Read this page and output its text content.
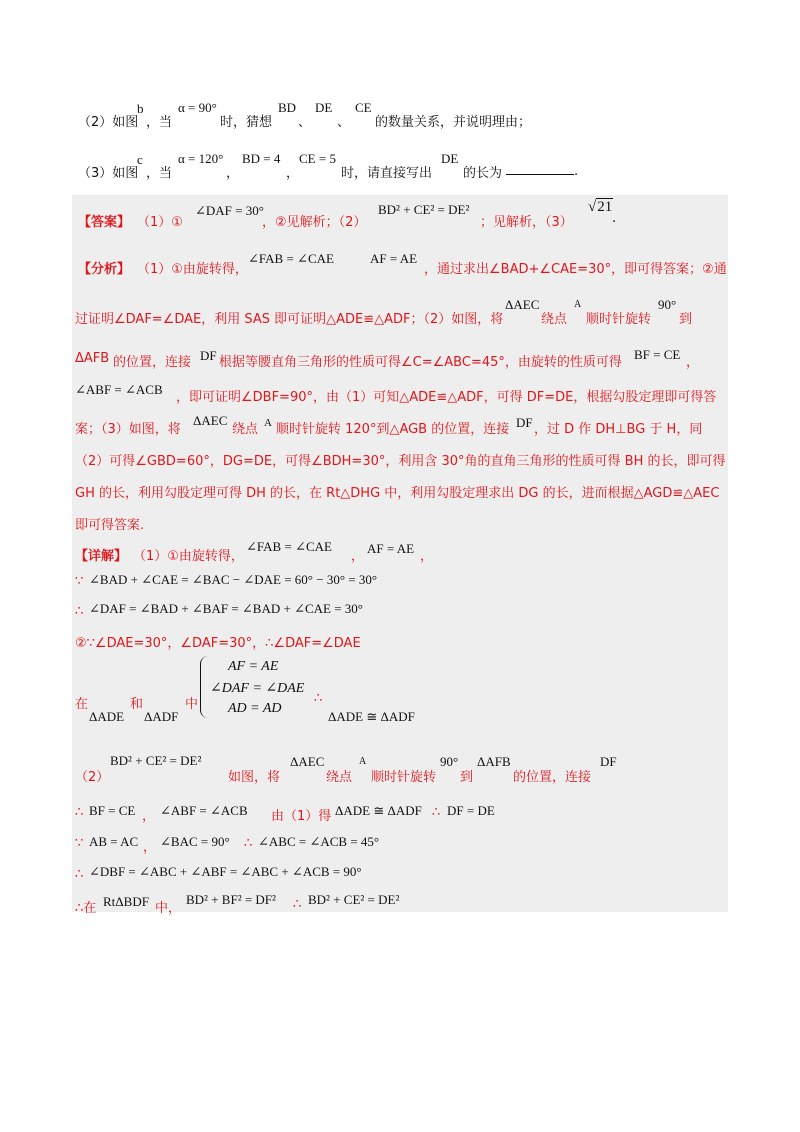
（2）如图
b
，当
α = 90°
时，猜想
BD
、
DE
、
CE
的数量关系，并说明理由；
（3）如图
c
，当
α = 120°
，
BD = 4
，
CE = 5
时，请直接写出
DE
的长为	.
【答案】 （1）①
∠DAF = 30°
，②见解析；（2）
BD² + CE² = DE²
；见解析，（3）
√21
.
【分析】 （1）①由旋转得，
∠FAB = ∠CAE	AF = AE
，通过求出∠BAD+∠CAE=30°，即可得答案；②通
过证明∠DAF=∠DAE，利用 SAS 即可证明△ADE≌△ADF；（2）如图，将
ΔAEC
绕点
A
顺时针旋转
90°
到
ΔAFB 的位置，连接 DF 根据等腰直角三角形的性质可得∠C=∠ABC=45°，由旋转的性质可得
BF = CE
，
∠ABF = ∠ACB
，即可证明∠DBF=90°，由（1）可知△ADE≌△ADF，可得 DF=DE，根据勾股定理即可得答
案；（3）如图，将
ΔAEC
绕点 A 顺时针旋转 120°到△AGB 的位置，连接 DF ，过 D 作 DH⊥BG 于 H，同
（2）可得∠GBD=60°，DG=DE，可得∠BDH=30°，利用含 30°角的直角三角形的性质可得 BH 的长，即可得
GH 的长，利用勾股定理可得 DH 的长，在 Rt△DHG 中，利用勾股定理求出 DG 的长，进而根据△AGD≌△AEC
即可得答案.
【详解】 （1）①由旋转得，
∠FAB = ∠CAE
，
AF = AE
，
∵ ∠BAD + ∠CAE = ∠BAC − ∠DAE = 60° − 30° = 30°
∴ ∠DAF = ∠BAD + ∠BAF = ∠BAD + ∠CAE = 30°
②∵∠DAE=30°，∠DAF=30°，∴∠DAF=∠DAE
在	和	中
ΔADE ΔADF
AF = AE
∠DAF = ∠DAE
AD = AD
∴
ΔADE ≅ ΔADF
（2）
BD² + CE² = DE²
如图，将
ΔAEC
绕点
A
顺时针旋转
90°
到
ΔAFB
的位置，连接
DF
∴ BF = CE ， ∠ABF = ∠ACB 由（1）得 ΔADE ≅ ΔADF ∴ DF = DE
∵ AB = AC ， ∠BAC = 90° ∴ ∠ABC = ∠ACB = 45°
∴ ∠DBF = ∠ABC + ∠ABF = ∠ABC + ∠ACB = 90°
∴在 RtΔBDF 中，
BD² + BF² = DF² ∴ BD² + CE² = DE²
